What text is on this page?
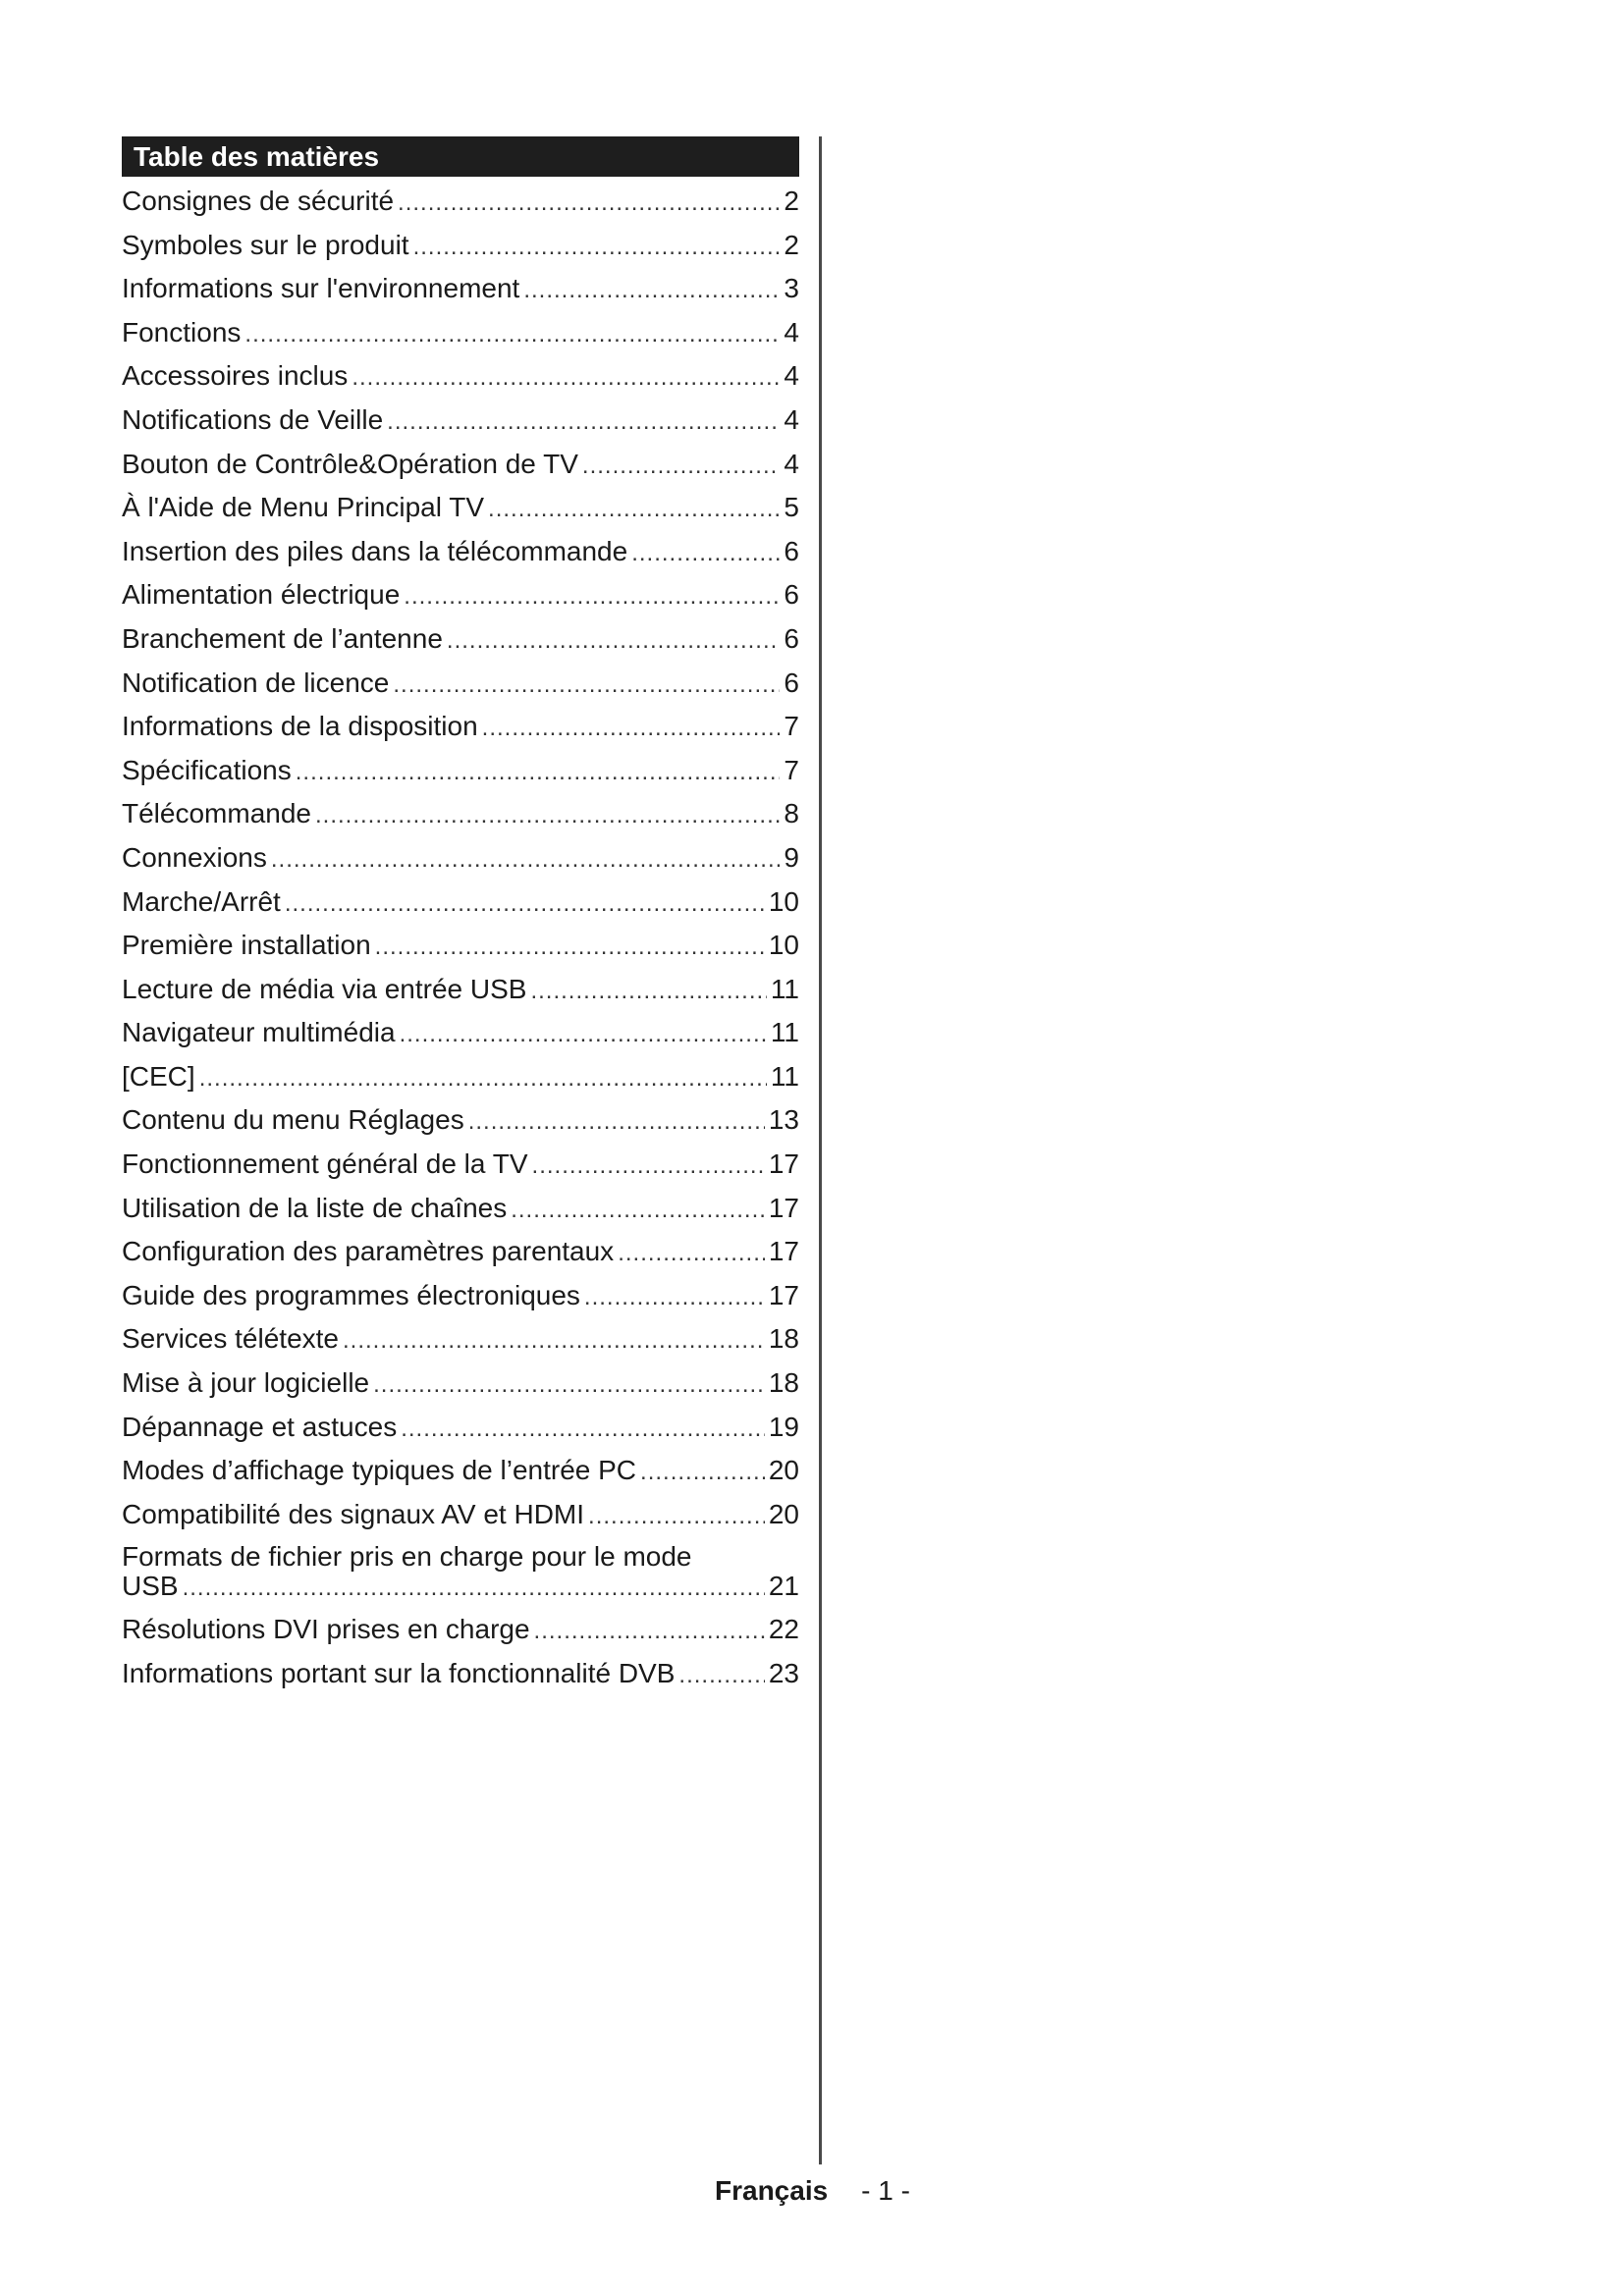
Table des matières
Consignes de sécurité .....	2
Symboles sur le produit .....	2
Informations sur l'environnement .....	3
Fonctions .....	4
Accessoires inclus .....	4
Notifications de Veille .....	4
Bouton de Contrôle&Opération de TV .....	4
À l'Aide de Menu Principal TV .....	5
Insertion des piles dans la télécommande .....	6
Alimentation électrique .....	6
Branchement de l’antenne .....	6
Notification de licence .....	6
Informations de la disposition .....	7
Spécifications .....	7
Télécommande .....	8
Connexions .....	9
Marche/Arrêt .....	10
Première installation .....	10
Lecture de média via entrée USB .....	11
Navigateur multimédia .....	11
[CEC] .....	11
Contenu du menu Réglages .....	13
Fonctionnement général de la TV .....	17
Utilisation de la liste de chaînes .....	17
Configuration des paramètres parentaux .....	17
Guide des programmes électroniques .....	17
Services télétexte .....	18
Mise à jour logicielle .....	18
Dépannage et astuces .....	19
Modes d’affichage typiques de l’entrée PC .....	20
Compatibilité des signaux AV et HDMI .....	20
Formats de fichier pris en charge pour le mode
USB .....	21
Résolutions DVI prises en charge .....	22
Informations portant sur la fonctionnalité DVB .....	23
Français - 1 -
